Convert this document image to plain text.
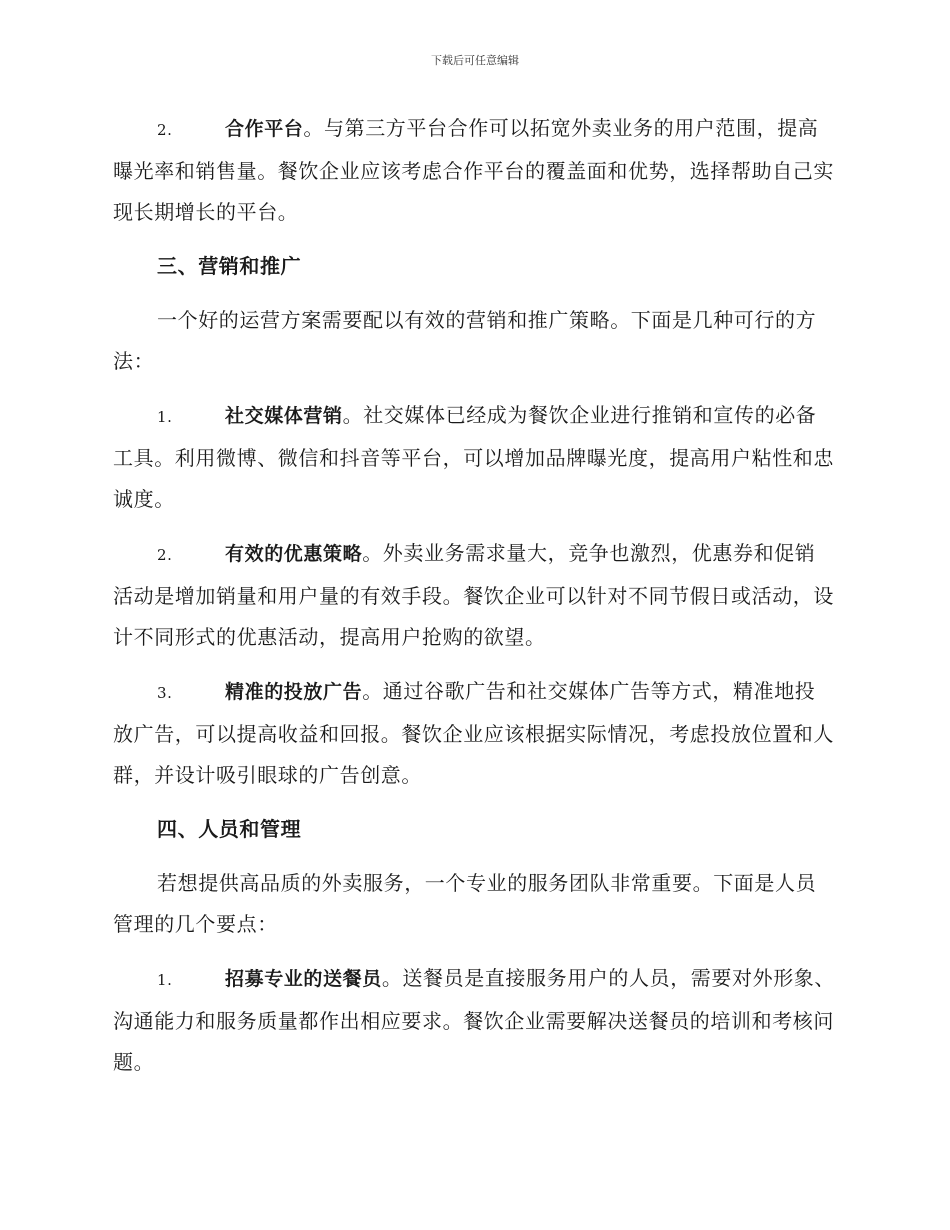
下载后可任意编辑

2.	合作平台。与第三方平台合作可以拓宽外卖业务的用户范围，提高曝光率和销售量。餐饮企业应该考虑合作平台的覆盖面和优势，选择帮助自己实现长期增长的平台。

三、营销和推广

一个好的运营方案需要配以有效的营销和推广策略。下面是几种可行的方法：

1.	社交媒体营销。社交媒体已经成为餐饮企业进行推销和宣传的必备工具。利用微博、微信和抖音等平台，可以增加品牌曝光度，提高用户粘性和忠诚度。

2.	有效的优惠策略。外卖业务需求量大，竞争也激烈，优惠券和促销活动是增加销量和用户量的有效手段。餐饮企业可以针对不同节假日或活动，设计不同形式的优惠活动，提高用户抢购的欲望。

3.	精准的投放广告。通过谷歌广告和社交媒体广告等方式，精准地投放广告，可以提高收益和回报。餐饮企业应该根据实际情况，考虑投放位置和人群，并设计吸引眼球的广告创意。

四、人员和管理

若想提供高品质的外卖服务，一个专业的服务团队非常重要。下面是人员管理的几个要点：

1.	招募专业的送餐员。送餐员是直接服务用户的人员，需要对外形象、沟通能力和服务质量都作出相应要求。餐饮企业需要解决送餐员的培训和考核问题。
